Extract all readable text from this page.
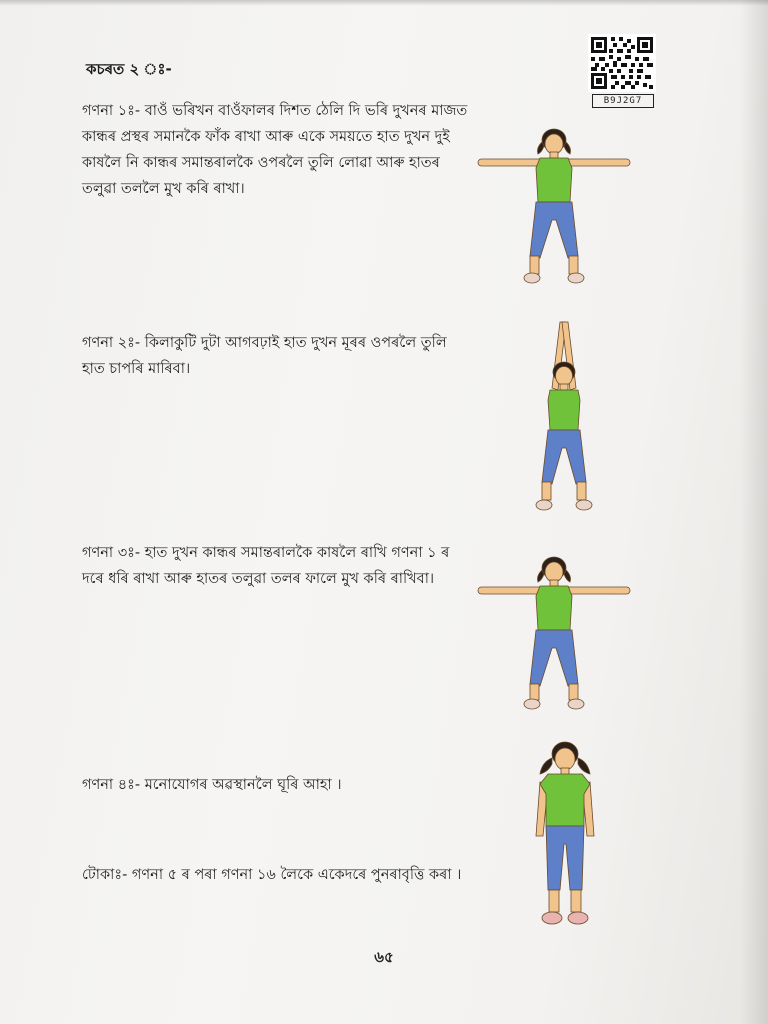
কচৰত ২ ঃ-
B9J2G7
গণনা ১ঃ- বাওঁ ভৰিখন বাওঁফালৰ দিশত ঠেলি দি ভৰি দুখনৰ মাজত কান্ধৰ প্ৰস্থৰ সমানকৈ ফাঁক ৰাখা আৰু একে সময়তে হাত দুখন দুই কাষলৈ নি কান্ধৰ সমান্তৰালকৈ ওপৰলৈ তুলি লোৱা আৰু হাতৰ তলুৱা তললৈ মুখ কৰি ৰাখা।
গণনা ২ঃ- কিলাকুটি দুটা আগবঢ়াই হাত দুখন মূৰৰ ওপৰলৈ তুলি হাত চাপৰি মাৰিবা।
গণনা ৩ঃ- হাত দুখন কান্ধৰ সমান্তৰালকৈ কাষলৈ ৰাখি গণনা ১ ৰ দৰে ধৰি ৰাখা আৰু হাতৰ তলুৱা তলৰ ফালে মুখ কৰি ৰাখিবা।
গণনা ৪ঃ- মনোযোগৰ অৱস্থানলৈ ঘূৰি আহা ।
টোকাঃ- গণনা ৫ ৰ পৰা গণনা ১৬ লৈকে একেদৰে পুনৰাবৃত্তি কৰা ।
৬৫
